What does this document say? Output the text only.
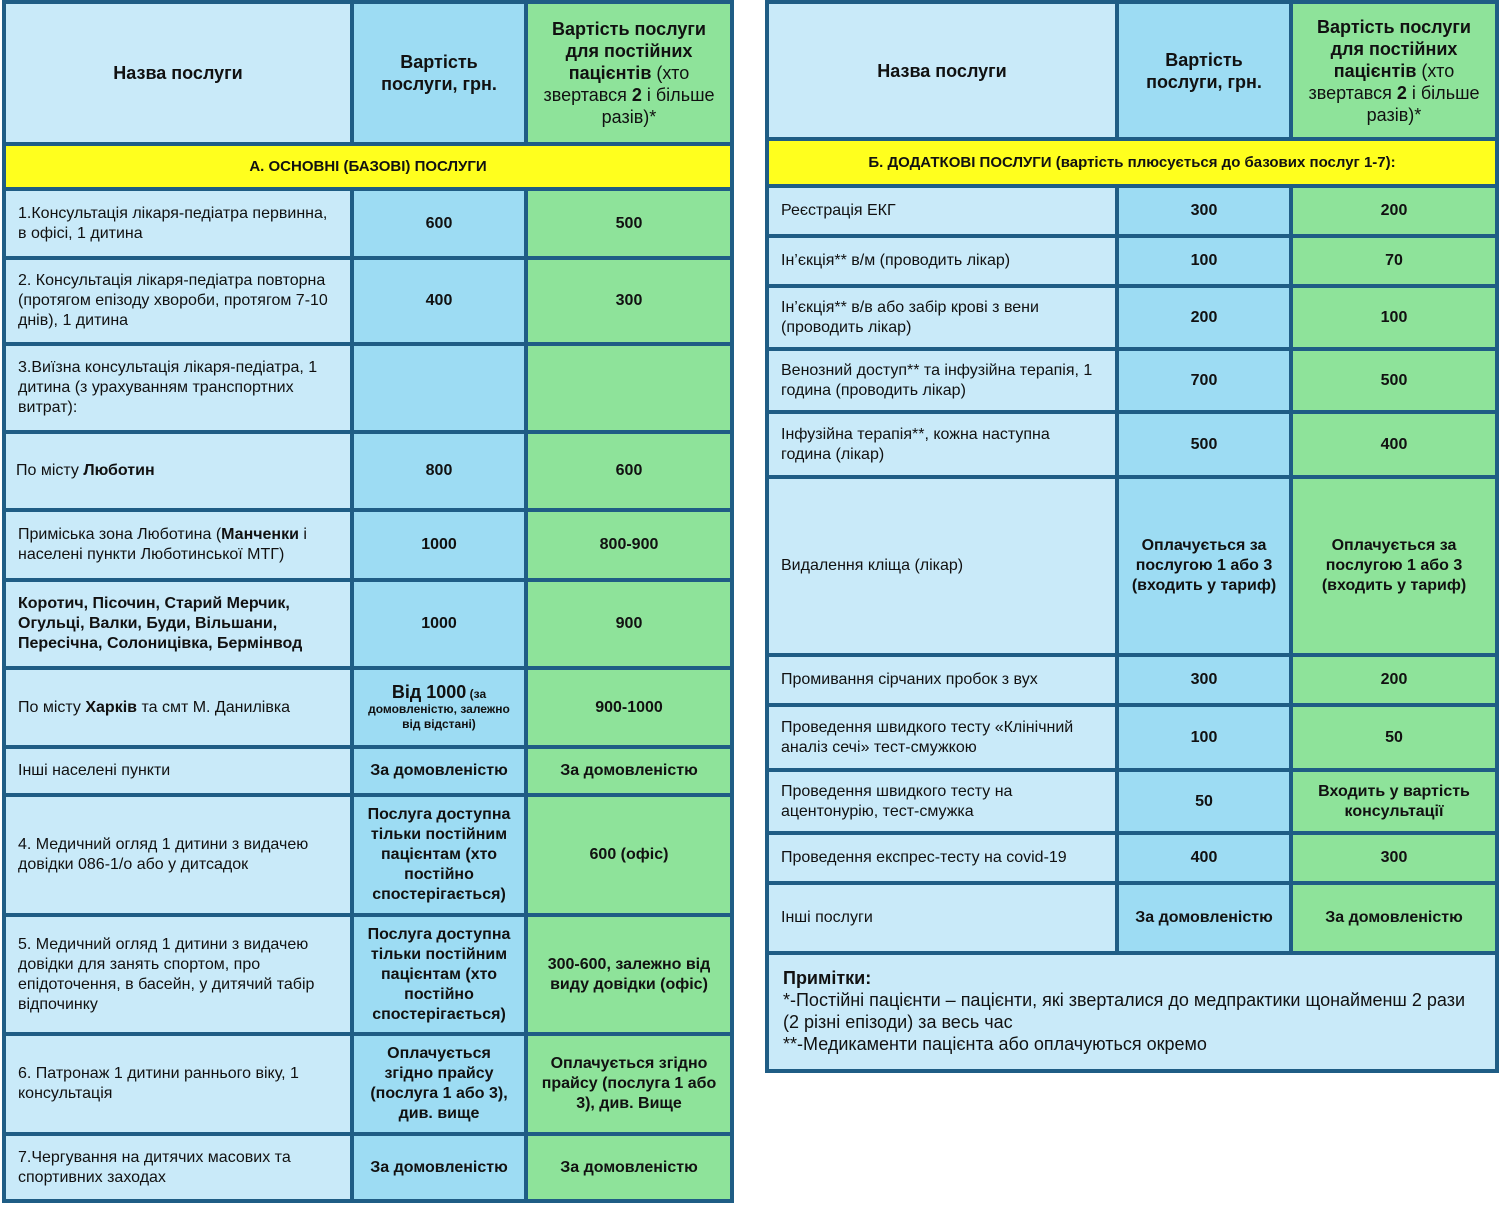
Назва послуги	Вартість послуги, грн.	Вартість послуги для постійних пацієнтів (хто звертався 2 і більше разів)*
А. ОСНОВНІ (БАЗОВІ) ПОСЛУГИ		
1.Консультація лікаря-педіатра первинна, в офісі, 1 дитина	600	500
2. Консультація лікаря-педіатра повторна (протягом епізоду хвороби, протягом 7-10 днів), 1 дитина	400	300
3.Виїзна консультація лікаря-педіатра, 1 дитина (з урахуванням транспортних витрат):		
По місту Люботин	800	600
Приміська зона Люботина (Манченки і населені пункти Люботинської МТГ)	1000	800-900
Коротич, Пісочин, Старий Мерчик, Огульці, Валки, Буди, Вільшани, Пересічна, Солоницівка, Бермінвод	1000	900
По місту Харків та смт М. Данилівка	Від 1000 (за домовленістю, залежно від відстані)	900-1000
Інші населені пункти	За домовленістю	За домовленістю
4. Медичний огляд 1 дитини з видачею довідки 086-1/о або у дитсадок	Послуга доступна тільки постійним пацієнтам (хто постійно спостерігається)	600 (офіс)
5. Медичний огляд 1 дитини з видачею довідки для занять спортом, про епідоточення, в басейн, у дитячий табір відпочинку	Послуга доступна тільки постійним пацієнтам (хто постійно спостерігається)	300-600, залежно від виду довідки (офіс)
6. Патронаж 1 дитини раннього віку, 1 консультація	Оплачується згідно прайсу (послуга 1 або 3), див. вище	Оплачується згідно прайсу (послуга 1 або 3), див. Вище
7.Чергування на дитячих масових та спортивних заходах	За домовленістю	За домовленістю
Назва послуги	Вартість послуги, грн.	Вартість послуги для постійних пацієнтів (хто звертався 2 і більше разів)*
Б. ДОДАТКОВІ ПОСЛУГИ (вартість плюсується до базових послуг 1-7):		
Реєстрація ЕКГ	300	200
Ін’єкція** в/м (проводить лікар)	100	70
Ін’єкція** в/в або забір крові з вени (проводить лікар)	200	100
Венозний доступ** та інфузійна терапія, 1 година (проводить лікар)	700	500
Інфузійна терапія**, кожна наступна година (лікар)	500	400
Видалення кліща (лікар)	Оплачується за послугою 1 або 3 (входить у тариф)	Оплачується за послугою 1 або 3 (входить у тариф)
Промивання сірчаних пробок з вух	300	200
Проведення швидкого тесту «Клінічний аналіз сечі» тест-смужкою	100	50
Проведення швидкого тесту на ацентонурію, тест-смужка	50	Входить у вартість консультації
Проведення експрес-тесту на covid-19	400	300
Інші послуги	За домовленістю	За домовленістю

Примітки:
*-Постійні пацієнти – пацієнти, які зверталися до медпрактики щонайменш 2 рази (2 різні епізоди) за весь час
**-Медикаменти пацієнта або оплачуються окремо		
